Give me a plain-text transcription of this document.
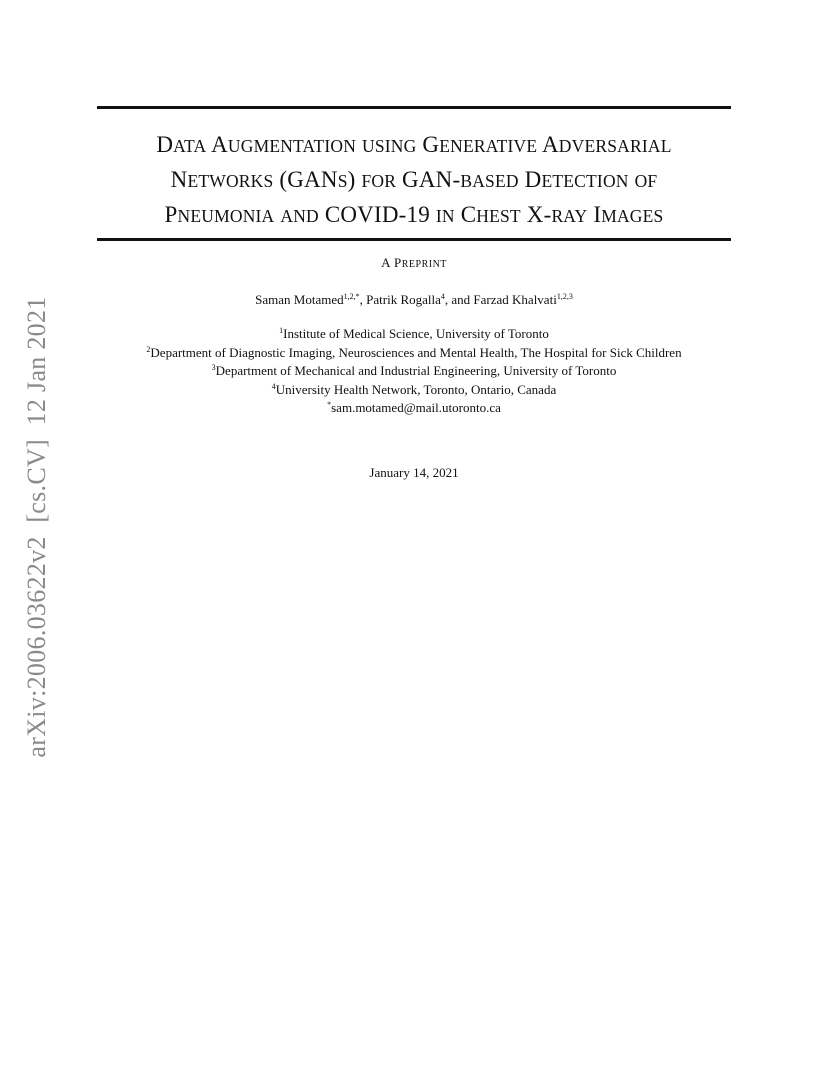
arXiv:2006.03622v2  [cs.CV]  12 Jan 2021
DATA AUGMENTATION USING GENERATIVE ADVERSARIAL
NETWORKS (GANS) FOR GAN-BASED DETECTION OF
PNEUMONIA AND COVID-19 IN CHEST X-RAY IMAGES
A PREPRINT
Saman Motamed$^{1,2,*}$, Patrik Rogalla$^4$, and Farzad Khalvati$^{1,2,3}$
$^1$Institute of Medical Science, University of Toronto
$^2$Department of Diagnostic Imaging, Neurosciences and Mental Health, The Hospital for Sick Children
$^3$Department of Mechanical and Industrial Engineering, University of Toronto
$^4$University Health Network, Toronto, Ontario, Canada
*sam.motamed@mail.utoronto.ca
January 14, 2021
